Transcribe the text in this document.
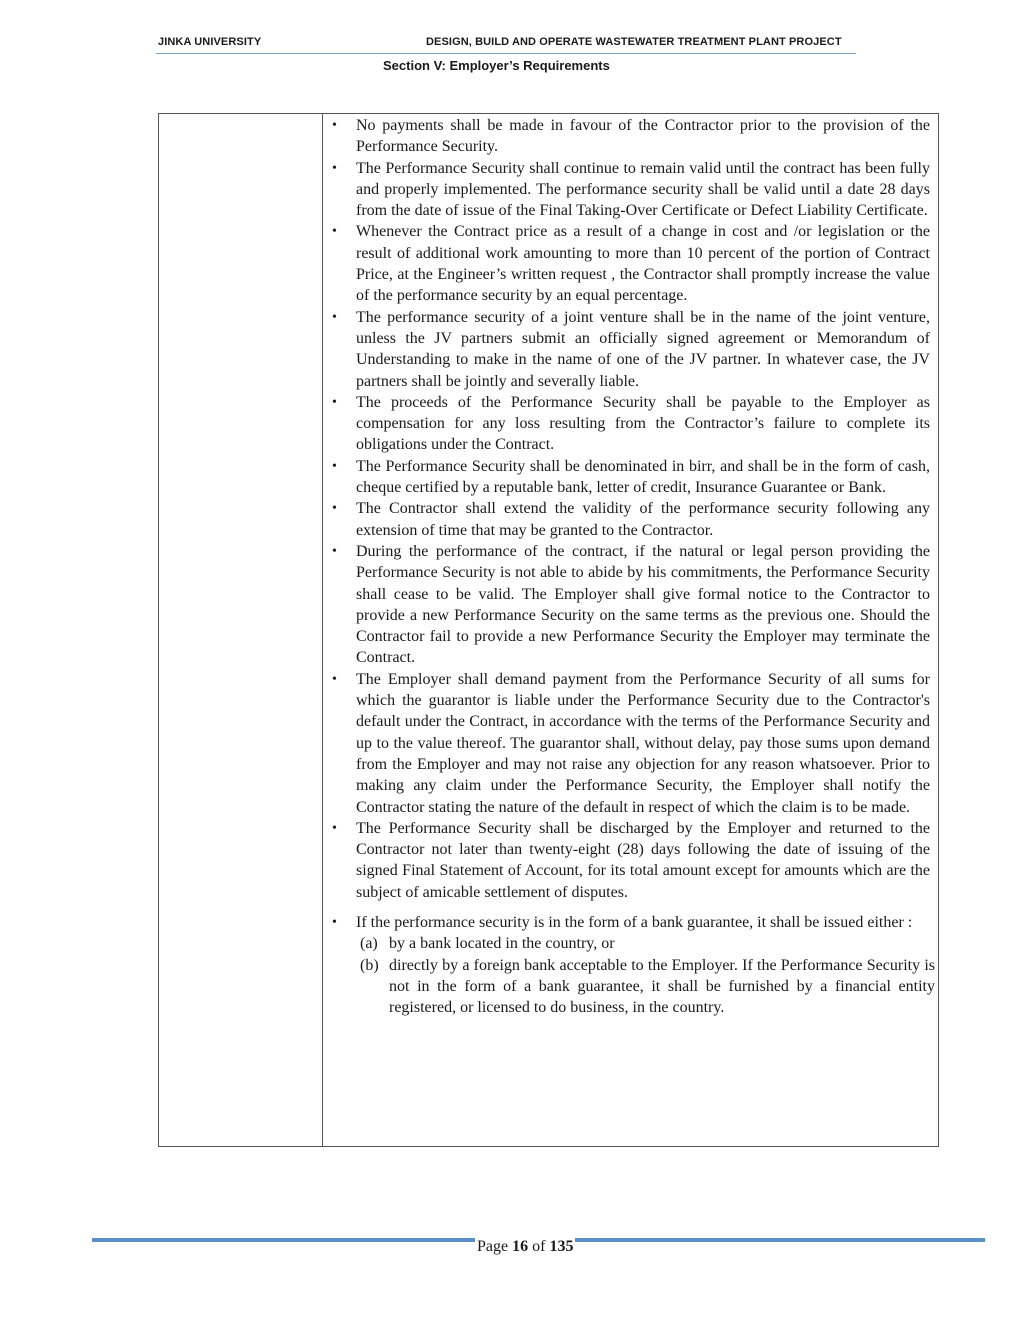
JINKA UNIVERSITY	DESIGN, BUILD AND OPERATE WASTEWATER TREATMENT PLANT PROJECT
Section V: Employer’s Requirements
• No payments shall be made in favour of the Contractor prior to the provision of the Performance Security.
• The Performance Security shall continue to remain valid until the contract has been fully and properly implemented. The performance security shall be valid until a date 28 days from the date of issue of the Final Taking-Over Certificate or Defect Liability Certificate.
• Whenever the Contract price as a result of a change in cost and /or legislation or the result of additional work amounting to more than 10 percent of the portion of Contract Price, at the Engineer’s written request , the Contractor shall promptly increase the value of the performance security by an equal percentage.
• The performance security of a joint venture shall be in the name of the joint venture, unless the JV partners submit an officially signed agreement or Memorandum of Understanding to make in the name of one of the JV partner. In whatever case, the JV partners shall be jointly and severally liable.
• The proceeds of the Performance Security shall be payable to the Employer as compensation for any loss resulting from the Contractor’s failure to complete its obligations under the Contract.
• The Performance Security shall be denominated in birr, and shall be in the form of cash, cheque certified by a reputable bank, letter of credit, Insurance Guarantee or Bank.
• The Contractor shall extend the validity of the performance security following any extension of time that may be granted to the Contractor.
• During the performance of the contract, if the natural or legal person providing the Performance Security is not able to abide by his commitments, the Performance Security shall cease to be valid. The Employer shall give formal notice to the Contractor to provide a new Performance Security on the same terms as the previous one. Should the Contractor fail to provide a new Performance Security the Employer may terminate the Contract.
• The Employer shall demand payment from the Performance Security of all sums for which the guarantor is liable under the Performance Security due to the Contractor's default under the Contract, in accordance with the terms of the Performance Security and up to the value thereof. The guarantor shall, without delay, pay those sums upon demand from the Employer and may not raise any objection for any reason whatsoever. Prior to making any claim under the Performance Security, the Employer shall notify the Contractor stating the nature of the default in respect of which the claim is to be made.
• The Performance Security shall be discharged by the Employer and returned to the Contractor not later than twenty-eight (28) days following the date of issuing of the signed Final Statement of Account, for its total amount except for amounts which are the subject of amicable settlement of disputes.
• If the performance security is in the form of a bank guarantee, it shall be issued either :
(a) by a bank located in the country, or
(b) directly by a foreign bank acceptable to the Employer. If the Performance Security is not in the form of a bank guarantee, it shall be furnished by a financial entity registered, or licensed to do business, in the country.
Page 16 of 135
